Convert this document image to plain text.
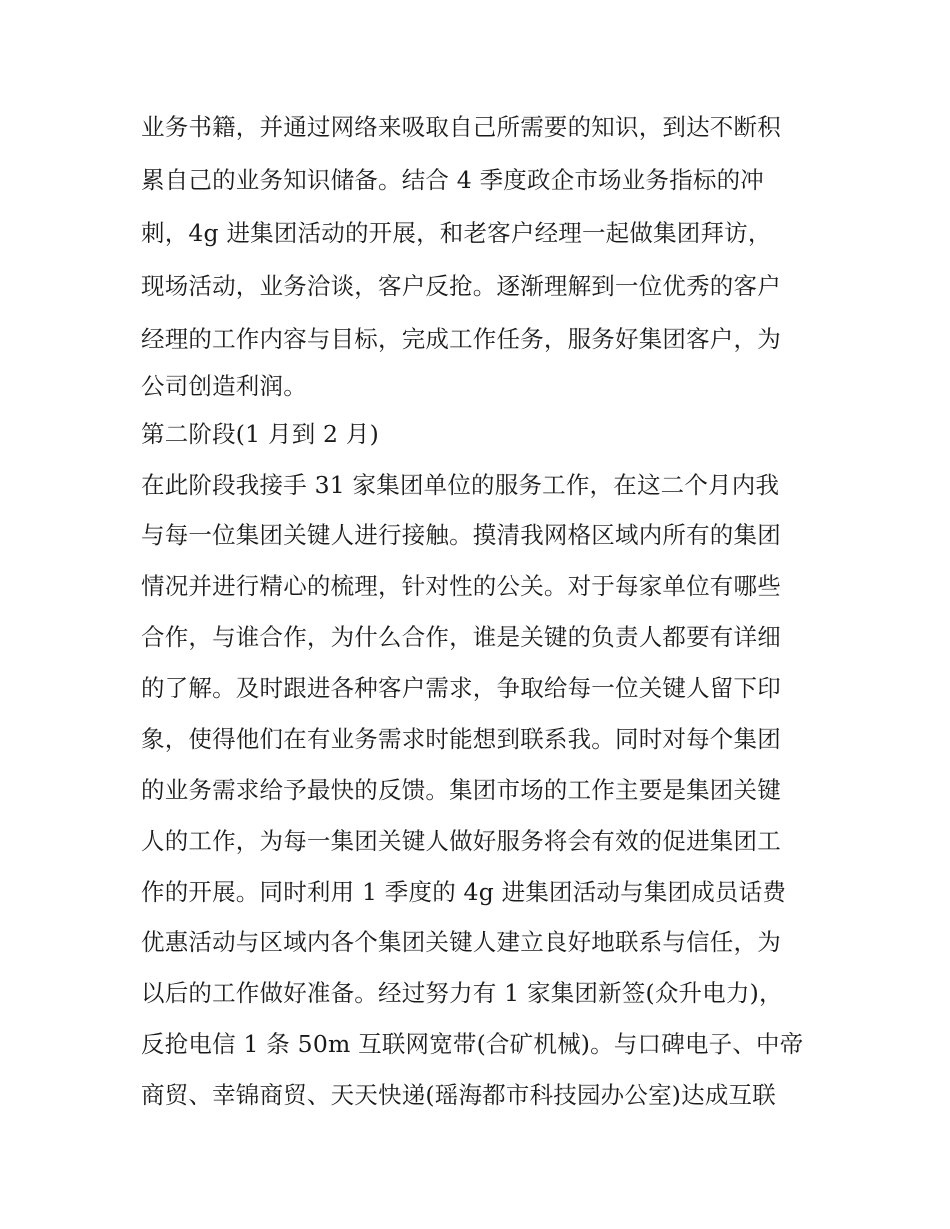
业务书籍，并通过网络来吸取自己所需要的知识，到达不断积
累自己的业务知识储备。结合 4 季度政企市场业务指标的冲
刺，4g 进集团活动的开展，和老客户经理一起做集团拜访，
现场活动，业务洽谈，客户反抢。逐渐理解到一位优秀的客户
经理的工作内容与目标，完成工作任务，服务好集团客户，为
公司创造利润。
第二阶段(1 月到 2 月)
在此阶段我接手 31 家集团单位的服务工作，在这二个月内我
与每一位集团关键人进行接触。摸清我网格区域内所有的集团
情况并进行精心的梳理，针对性的公关。对于每家单位有哪些
合作，与谁合作，为什么合作，谁是关键的负责人都要有详细
的了解。及时跟进各种客户需求，争取给每一位关键人留下印
象，使得他们在有业务需求时能想到联系我。同时对每个集团
的业务需求给予最快的反馈。集团市场的工作主要是集团关键
人的工作，为每一集团关键人做好服务将会有效的促进集团工
作的开展。同时利用 1 季度的 4g 进集团活动与集团成员话费
优惠活动与区域内各个集团关键人建立良好地联系与信任，为
以后的工作做好准备。经过努力有 1 家集团新签(众升电力)，
反抢电信 1 条 50m 互联网宽带(合矿机械)。与口碑电子、中帝
商贸、幸锦商贸、天天快递(瑶海都市科技园办公室)达成互联
